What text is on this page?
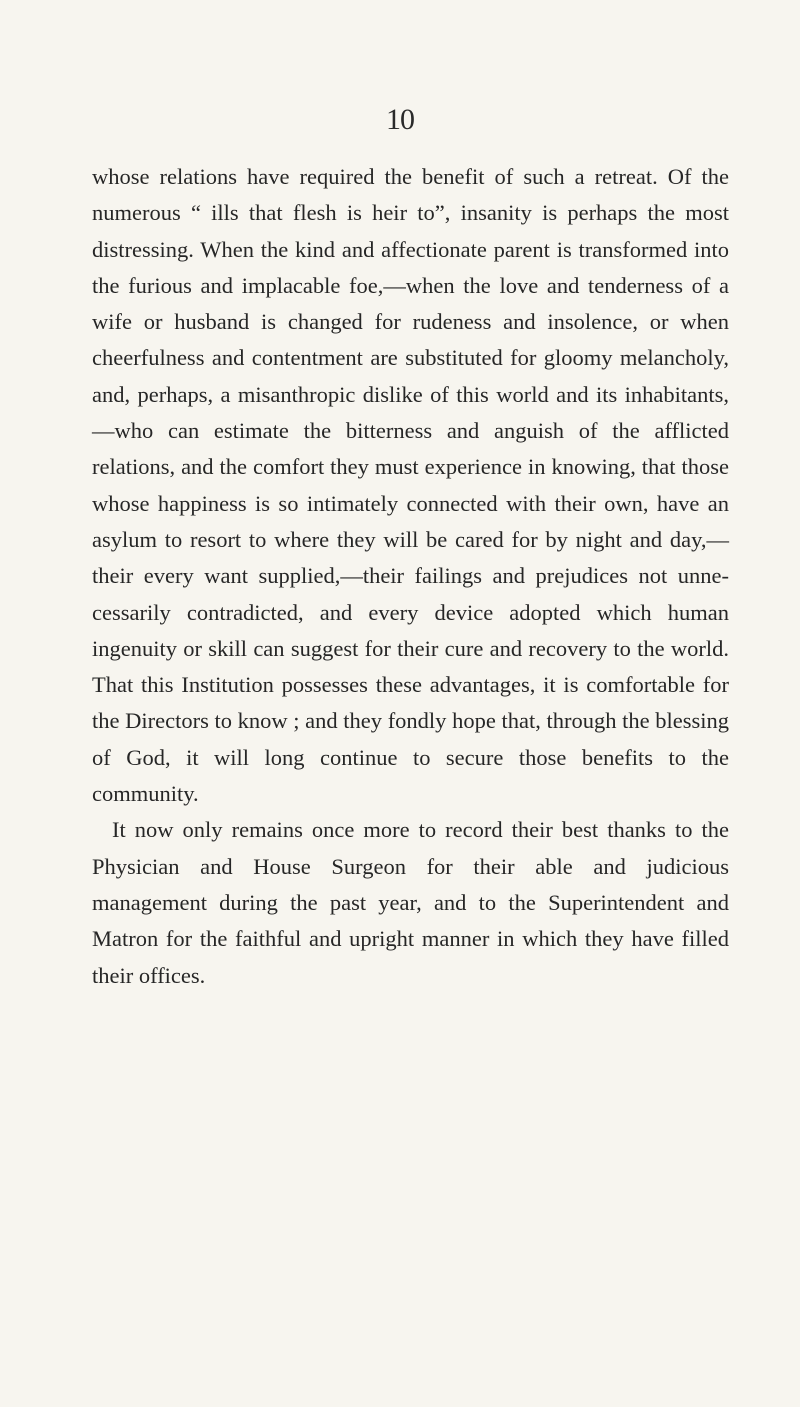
10

whose relations have required the benefit of such a retreat. Of the numerous “ ills that flesh is heir to”, insanity is perhaps the most distressing. When the kind and affectionate parent is transformed into the furious and implacable foe,—when the love and tenderness of a wife or husband is changed for rudeness and insolence, or when cheerfulness and contentment are substituted for gloomy melancholy, and, perhaps, a misanthropic dislike of this world and its inhabitants,—who can estimate the bitterness and anguish of the afflicted relations, and the comfort they must experience in knowing, that those whose happiness is so intimately connected with their own, have an asylum to resort to where they will be cared for by night and day,—their every want supplied,—their failings and prejudices not unnecessarily contradicted, and every device adopted which human ingenuity or skill can suggest for their cure and recovery to the world. That this Institution possesses these advantages, it is comfortable for the Directors to know ; and they fondly hope that, through the blessing of God, it will long continue to secure those benefits to the community.

It now only remains once more to record their best thanks to the Physician and House Surgeon for their able and judicious management during the past year, and to the Superintendent and Matron for the faithful and upright manner in which they have filled their offices.
